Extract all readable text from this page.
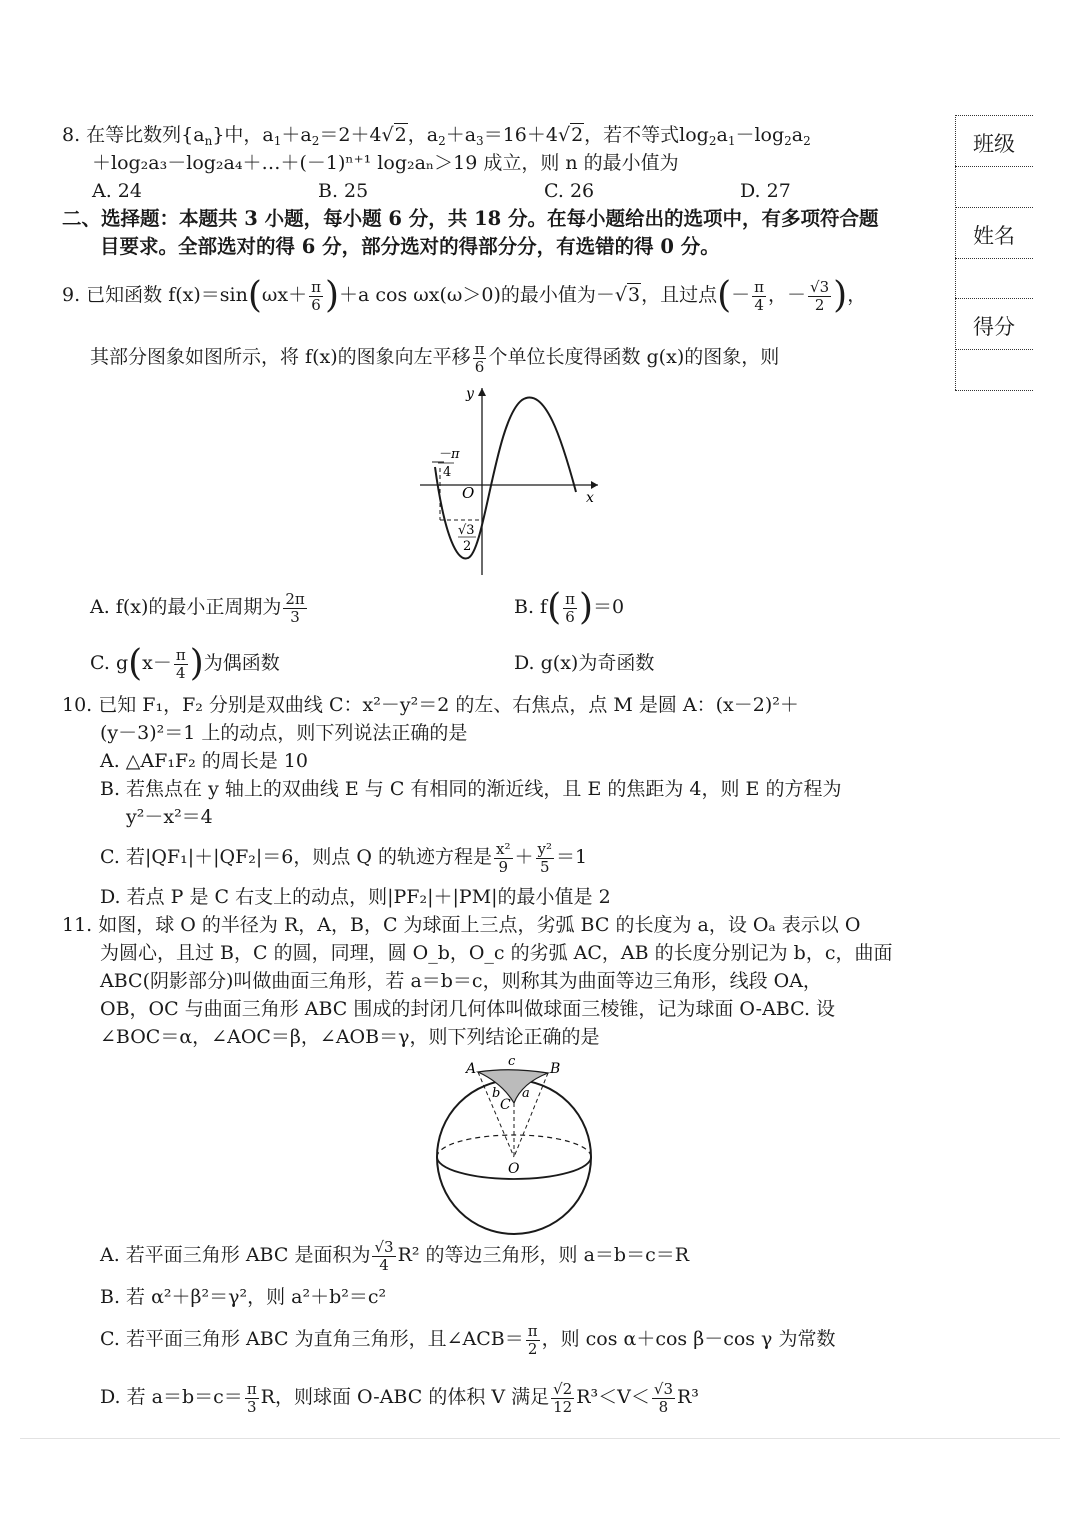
班级
姓名
得分
8. 在等比数列$\{a_n\}$中，$a_1+a_2=2+4√2$，$a_2+a_3=16+4√2$，若不等式$\log_2a_1-\log_2a_2$
＋log₂a₃－log₂a₄＋…＋(－1)ⁿ⁺¹ log₂aₙ＞19 成立，则 n 的最小值为
A. 24	B. 25	C. 26	D. 27
二、选择题：本题共 3 小题，每小题 6 分，共 18 分。在每小题给出的选项中，有多项符合题
目要求。全部选对的得 6 分，部分选对的得部分分，有选错的得 0 分。
9. 已知函数 $f(x)=\sin(\omega x+ \frac{\pi}{6} )+a$ cos ωx(ω＞0)的最小值为－√3，且过点(－ $\frac{\pi}{4}$ ，－ $\frac{√3}{2}$ )，
其部分图象如图所示，将 f(x)的图象向左平移 $\frac{\pi}{6}$ 个单位长度得函数 g(x)的图象，则
－π
4
O
y
x
√3
2
A. f(x)的最小正周期为 $\frac{2\pi}{3}$	B. $f( \frac{\pi}{6} )=0$
C. $g(x- \frac{\pi}{4}$ )为偶函数	D. g(x)为奇函数
10. 已知 F₁，F₂ 分别是双曲线 C：x²－y²＝2 的左、右焦点，点 M 是圆 A：(x－2)²＋
(y－3)²＝1 上的动点，则下列说法正确的是
A. △AF₁F₂ 的周长是 10
B. 若焦点在 y 轴上的双曲线 E 与 C 有相同的渐近线，且 E 的焦距为 4，则 E 的方程为
y²－x²＝4
C. 若|QF₁|＋|QF₂|＝6，则点 Q 的轨迹方程是 $\frac{\text{x²}}{9} + \frac{\text{y²}}{5} =1$
D. 若点 P 是 C 右支上的动点，则|PF₂|＋|PM|的最小值是 2
11. 如图，球 O 的半径为 R，A，B，C 为球面上三点，劣弧 BC 的长度为 a，设 Oₐ 表示以 O
为圆心，且过 B，C 的圆，同理，圆 O_b，O_c 的劣弧 AC，AB 的长度分别记为 b，c，曲面
ABC(阴影部分)叫做曲面三角形，若 a＝b＝c，则称其为曲面等边三角形，线段 OA，
OB，OC 与曲面三角形 ABC 围成的封闭几何体叫做球面三棱锥，记为球面 O-ABC. 设
∠BOC＝α，∠AOC＝β，∠AOB＝γ，则下列结论正确的是
A	B
c
C
b a
O
A. 若平面三角形 ABC 是面积为 $\frac{√3}{4} R^2$ 的等边三角形，则 a＝b＝c＝R
B. 若 α²＋β²＝γ²，则 a²＋b²＝c²
C. 若平面三角形 ABC 为直角三角形，且∠ACB＝ $\frac{\pi}{2}$ ，则 cos α＋cos β－cos γ 为常数
D. 若 $a=b=c= \frac{\pi}{3}$ R，则球面 O-ABC 的体积 V 满足 $\frac{√2}{12} R^3<V< \frac{√3}{8} R^3$
